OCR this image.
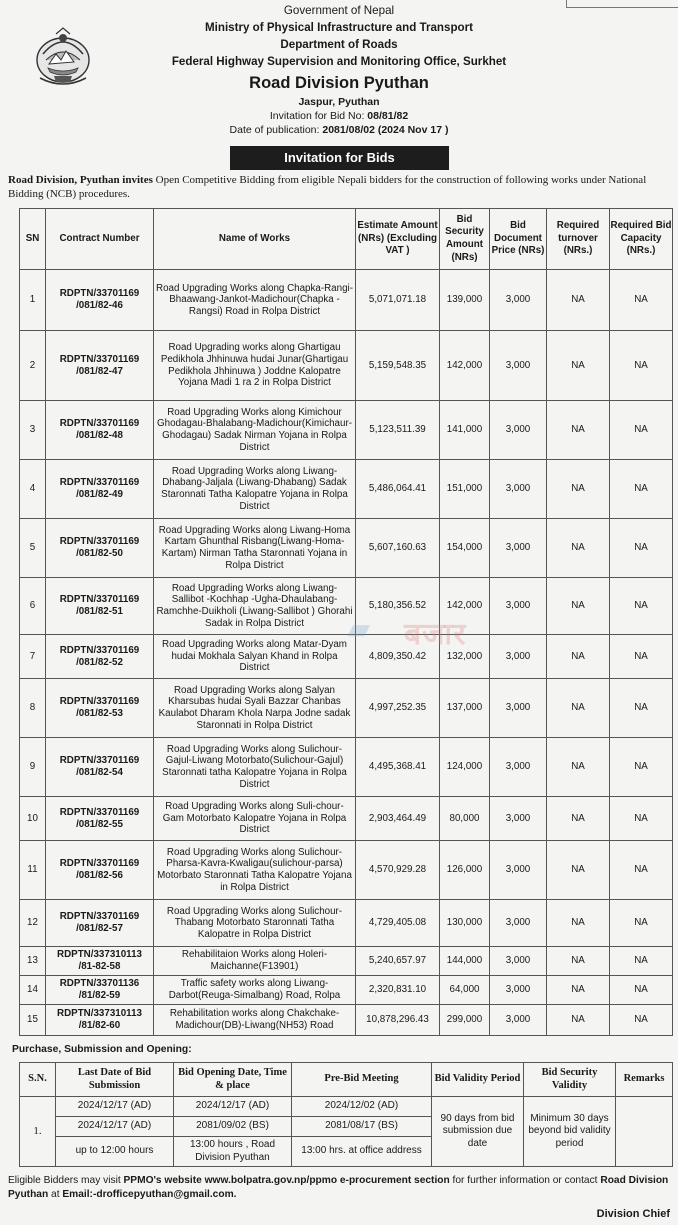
Government of Nepal
Ministry of Physical Infrastructure and Transport
Department of Roads
Federal Highway Supervision and Monitoring Office, Surkhet
Road Division Pyuthan
Jaspur, Pyuthan
Invitation for Bid No: 08/81/82
Date of publication: 2081/08/02 (2024 Nov 17 )
Invitation for Bids
Road Division, Pyuthan invites Open Competitive Bidding from eligible Nepali bidders for the construction of following works under National Bidding (NCB) procedures.
SN	Contract Number	Name of Works	Estimate Amount (NRs) (Excluding VAT )	Bid Security Amount (NRs)	Bid Document Price (NRs)	Required turnover (NRs.)	Required Bid Capacity (NRs.)
1	RDPTN/33701169 /081/82-46	Road Upgrading Works along Chapka-Rangi-Bhaawang-Jankot-Madichour(Chapka -Rangsi) Road in Rolpa District	5,071,071.18	139,000	3,000	NA	NA
2	RDPTN/33701169 /081/82-47	Road Upgrading works along Ghartigau Pedikhola Jhhinuwa hudai Junar(Ghartigau Pedikhola Jhhinuwa ) Joddne Kalopatre Yojana Madi 1 ra 2 in Rolpa District	5,159,548.35	142,000	3,000	NA	NA
3	RDPTN/33701169 /081/82-48	Road Upgrading Works along Kimichour Ghodagau-Bhalabang-Madichour(Kimichaur-Ghodagau) Sadak Nirman Yojana in Rolpa District	5,123,511.39	141,000	3,000	NA	NA
4	RDPTN/33701169 /081/82-49	Road Upgrading Works along Liwang-Dhabang-Jaljala (Liwang-Dhabang) Sadak Staronnati Tatha Kalopatre Yojana in Rolpa District	5,486,064.41	151,000	3,000	NA	NA
5	RDPTN/33701169 /081/82-50	Road Upgrading Works along Liwang-Homa Kartam Ghunthal Risbang(Liwang-Homa-Kartam) Nirman Tatha Staronnati Yojana in Rolpa District	5,607,160.63	154,000	3,000	NA	NA
6	RDPTN/33701169 /081/82-51	Road Upgrading Works along Liwang-Sallibot -Kochhap -Ugha-Dhaulabang-Ramchhe-Duikholi (Liwang-Sallibot ) Ghorahi Sadak in Rolpa District	5,180,356.52	142,000	3,000	NA	NA
7	RDPTN/33701169 /081/82-52	Road Upgrading Works along Matar-Dyam hudai Mokhala Salyan Khand in Rolpa District	4,809,350.42	132,000	3,000	NA	NA
8	RDPTN/33701169 /081/82-53	Road Upgrading Works along Salyan Kharsubas hudai Syali Bazzar Chanbas Kaulabot Dharam Khola Narpa Jodne sadak Staronnati in Rolpa District	4,997,252.35	137,000	3,000	NA	NA
9	RDPTN/33701169 /081/82-54	Road Upgrading Works along Sulichour-Gajul-Liwang Motorbato(Sulichour-Gajul) Staronnati tatha Kalopatre Yojana in Rolpa District	4,495,368.41	124,000	3,000	NA	NA
10	RDPTN/33701169 /081/82-55	Road Upgrading Works along Suli-chour-Gam Motorbato Kalopatre Yojana in Rolpa District	2,903,464.49	80,000	3,000	NA	NA
11	RDPTN/33701169 /081/82-56	Road Upgrading Works along Sulichour-Pharsa-Kavra-Kwaligau(sulichour-parsa) Motorbato Staronnati Tatha Kalopatre Yojana in Rolpa District	4,570,929.28	126,000	3,000	NA	NA
12	RDPTN/33701169 /081/82-57	Road Upgrading Works along Sulichour-Thabang Motorbato Staronnati Tatha Kalopatre in Rolpa District	4,729,405.08	130,000	3,000	NA	NA
13	RDPTN/337310113 /81-82-58	Rehabilitaion Works along Holeri-Maichanne(F13901)	5,240,657.97	144,000	3,000	NA	NA
14	RDPTN/33701136 /81/82-59	Traffic safety works along Liwang-Darbot(Reuga-Simalbang) Road, Rolpa	2,320,831.10	64,000	3,000	NA	NA
15	RDPTN/337310113 /81/82-60	Rehabilitation works along Chakchake-Madichour(DB)-Liwang(NH53) Road	10,878,296.43	299,000	3,000	NA	NA
▰	बजार
Purchase, Submission and Opening:
S.N.	Last Date of Bid Submission	Bid Opening Date, Time & place	Pre-Bid Meeting	Bid Validity Period	Bid Security Validity	Remarks
1.	2024/12/17 (AD)	2024/12/17 (AD)	2024/12/02 (AD)	90 days from bid submission due date	Minimum 30 days beyond bid validity period	
	2024/12/17 (AD)	2081/09/02 (BS)	2081/08/17 (BS)			
	up to 12:00 hours	13:00 hours , Road Division Pyuthan	13:00 hrs. at office address			
Eligible Bidders may visit PPMO's website www.bolpatra.gov.np/ppmo e-procurement section for further information or contact Road Division Pyuthan at Email:-drofficepyuthan@gmail.com.
Division Chief
